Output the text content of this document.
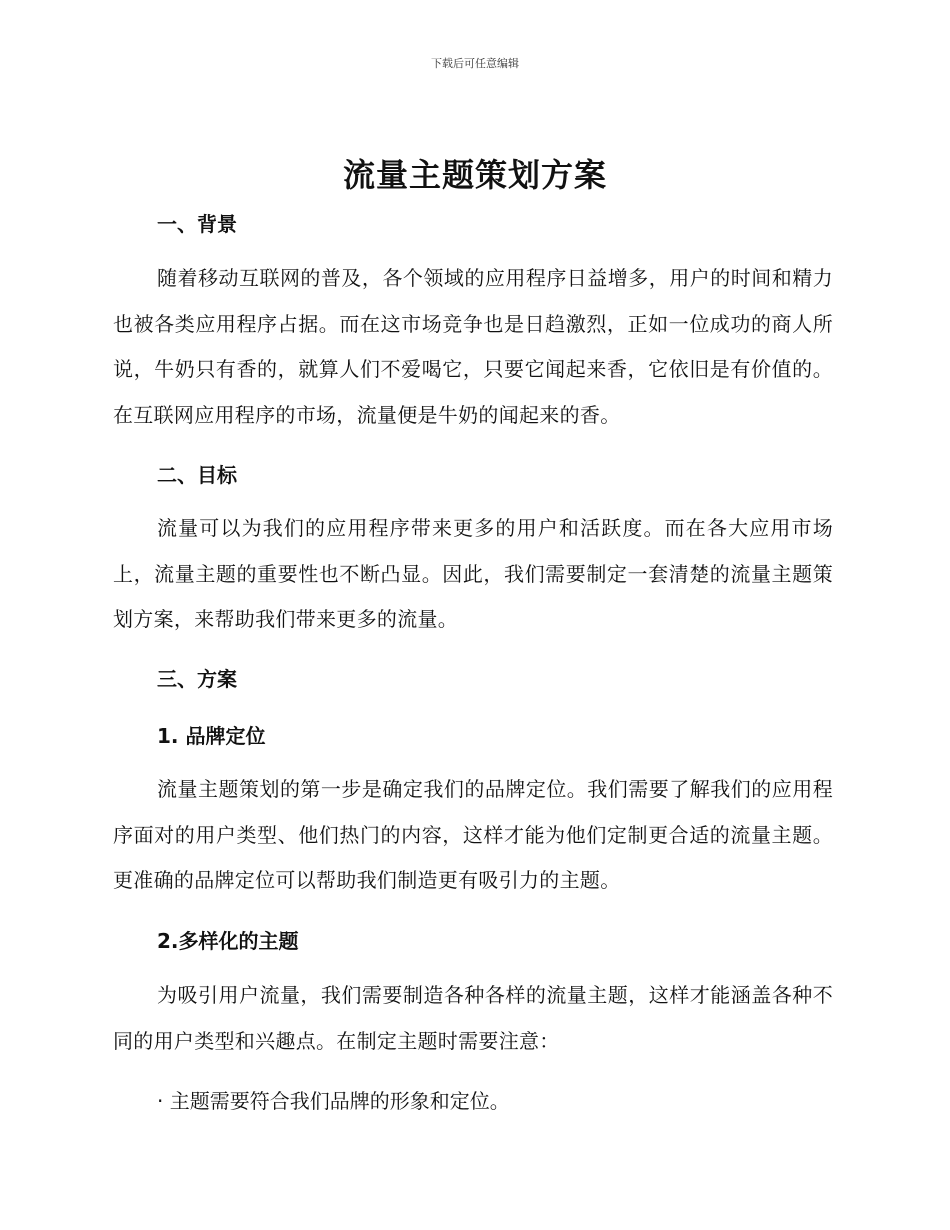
下载后可任意编辑
流量主题策划方案
一、背景
随着移动互联网的普及，各个领域的应用程序日益增多，用户的时间和精力也被各类应用程序占据。而在这市场竞争也是日趋激烈，正如一位成功的商人所说，牛奶只有香的，就算人们不爱喝它，只要它闻起来香，它依旧是有价值的。在互联网应用程序的市场，流量便是牛奶的闻起来的香。
二、目标
流量可以为我们的应用程序带来更多的用户和活跃度。而在各大应用市场上，流量主题的重要性也不断凸显。因此，我们需要制定一套清楚的流量主题策划方案，来帮助我们带来更多的流量。
三、方案
1. 品牌定位
流量主题策划的第一步是确定我们的品牌定位。我们需要了解我们的应用程序面对的用户类型、他们热门的内容，这样才能为他们定制更合适的流量主题。更准确的品牌定位可以帮助我们制造更有吸引力的主题。
2.多样化的主题
为吸引用户流量，我们需要制造各种各样的流量主题，这样才能涵盖各种不同的用户类型和兴趣点。在制定主题时需要注意：
· 主题需要符合我们品牌的形象和定位。
